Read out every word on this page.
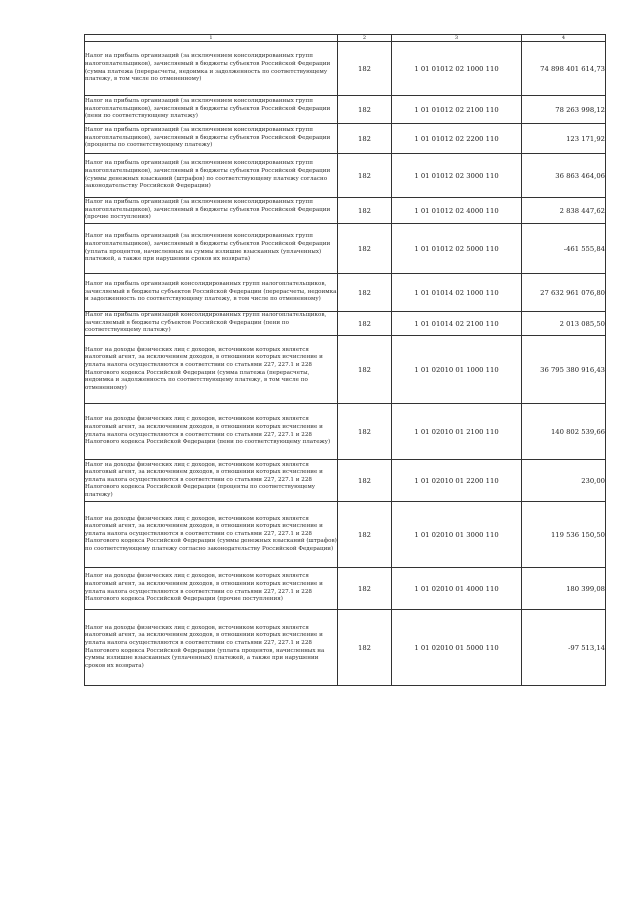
1	2	3	4
Налог на прибыль организаций (за исключением консолидированных групп налогоплательщиков), зачисляемый в бюджеты субъектов Российской Федерации (сумма платежа (перерасчеты, недоимка и задолженность по соответствующему платежу, в том числе по отмененному)	182	1 01 01012 02 1000 110	74 898 401 614,73
Налог на прибыль организаций (за исключением консолидированных групп налогоплательщиков), зачисляемый в бюджеты субъектов Российской Федерации (пени по соответствующему платежу)	182	1 01 01012 02 2100 110	78 263 998,12
Налог на прибыль организаций (за исключением консолидированных групп налогоплательщиков), зачисляемый в бюджеты субъектов Российской Федерации (проценты по соответствующему платежу)	182	1 01 01012 02 2200 110	123 171,92
Налог на прибыль организаций (за исключением консолидированных групп налогоплательщиков), зачисляемый в бюджеты субъектов Российской Федерации (суммы денежных взысканий (штрафов) по соответствующему платежу согласно законодательству Российской Федерации)	182	1 01 01012 02 3000 110	36 863 464,06
Налог на прибыль организаций (за исключением консолидированных групп налогоплательщиков), зачисляемый в бюджеты субъектов Российской Федерации (прочие поступления)	182	1 01 01012 02 4000 110	2 838 447,62
Налог на прибыль организаций (за исключением консолидированных групп налогоплательщиков), зачисляемый в бюджеты субъектов Российской Федерации (уплата процентов, начисленных на суммы излишне взысканных (уплаченных) платежей, а также при нарушении сроков их возврата)	182	1 01 01012 02 5000 110	-461 555,84
Налог на прибыль организаций консолидированных групп налогоплательщиков, зачисляемый в бюджеты субъектов Российской Федерации (перерасчеты, недоимка и задолженность по соответствующему платежу, в том числе по отмененному)	182	1 01 01014 02 1000 110	27 632 961 076,80
Налог на прибыль организаций консолидированных групп налогоплательщиков, зачисляемый в бюджеты субъектов Российской Федерации (пени по соответствующему платежу)	182	1 01 01014 02 2100 110	2 013 085,50
Налог на доходы физических лиц с доходов, источником которых является налоговый агент, за исключением доходов, в отношении которых исчисление и уплата налога осуществляются в соответствии со статьями 227, 227.1 и 228 Налогового кодекса Российской Федерации (сумма платежа (перерасчеты, недоимка и задолженность по соответствующему платежу, в том числе по отмененному)	182	1 01 02010 01 1000 110	36 795 380 916,43
Налог на доходы физических лиц с доходов, источником которых является налоговый агент, за исключением доходов, в отношении которых исчисление и уплата налога осуществляются в соответствии со статьями 227, 227.1 и 228 Налогового кодекса Российской Федерации (пени по соответствующему платежу)	182	1 01 02010 01 2100 110	140 802 539,66
Налог на доходы физических лиц с доходов, источником которых является налоговый агент, за исключением доходов, в отношении которых исчисление и уплата налога осуществляются в соответствии со статьями 227, 227.1 и 228 Налогового кодекса Российской Федерации (проценты по соответствующему платежу)	182	1 01 02010 01 2200 110	230,00
Налог на доходы физических лиц с доходов, источником которых является налоговый агент, за исключением доходов, в отношении которых исчисление и уплата налога осуществляются в соответствии со статьями 227, 227.1 и 228 Налогового кодекса Российской Федерации (суммы денежных взысканий (штрафов) по соответствующему платежу согласно законодательству Российской Федерации)	182	1 01 02010 01 3000 110	119 536 150,50
Налог на доходы физических лиц с доходов, источником которых является налоговый агент, за исключением доходов, в отношении которых исчисление и уплата налога осуществляются в соответствии со статьями 227, 227.1 и 228 Налогового кодекса Российской Федерации (прочие поступления)	182	1 01 02010 01 4000 110	180 399,08
Налог на доходы физических лиц с доходов, источником которых является налоговый агент, за исключением доходов, в отношении которых исчисление и уплата налога осуществляются в соответствии со статьями 227, 227.1 и 228 Налогового кодекса Российской Федерации (уплата процентов, начисленных на суммы излишне взысканных (уплаченных) платежей, а также при нарушении сроков их возврата)	182	1 01 02010 01 5000 110	-97 513,14
